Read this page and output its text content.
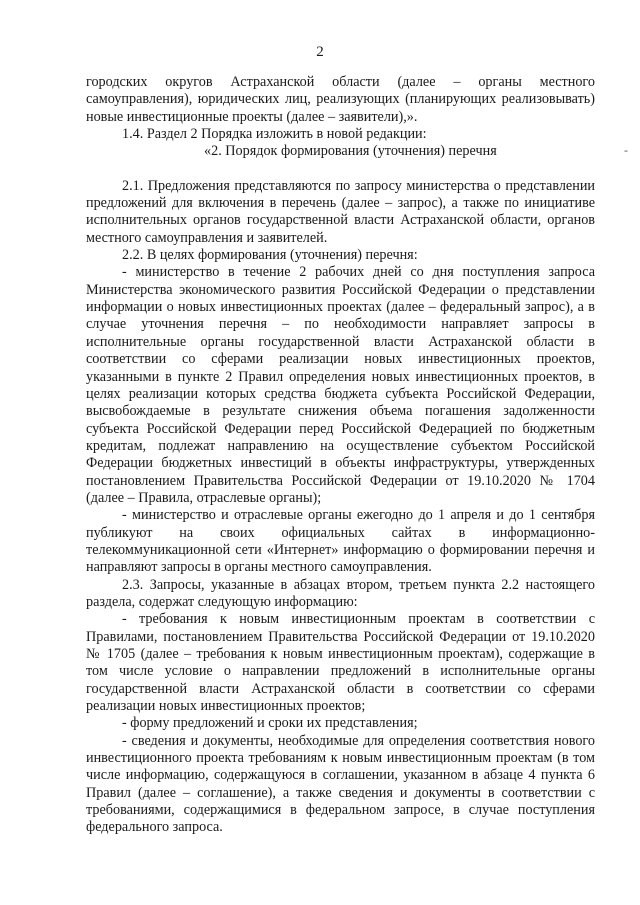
2
-

городских округов Астраханской области (далее – органы местного самоуправления), юридических лиц, реализующих (планирующих реализовывать) новые инвестиционные проекты (далее – заявители),».

1.4. Раздел 2 Порядка изложить в новой редакции:

«2. Порядок формирования (уточнения) перечня

2.1. Предложения представляются по запросу министерства о представлении предложений для включения в перечень (далее – запрос), а также по инициативе исполнительных органов государственной власти Астраханской области, органов местного самоуправления и заявителей.

2.2. В целях формирования (уточнения) перечня:

- министерство в течение 2 рабочих дней со дня поступления запроса Министерства экономического развития Российской Федерации о представлении информации о новых инвестиционных проектах (далее – федеральный запрос), а в случае уточнения перечня – по необходимости направляет запросы в исполнительные органы государственной власти Астраханской области в соответствии со сферами реализации новых инвестиционных проектов, указанными в пункте 2 Правил определения новых инвестиционных проектов, в целях реализации которых средства бюджета субъекта Российской Федерации, высвобождаемые в результате снижения объема погашения задолженности субъекта Российской Федерации перед Российской Федерацией по бюджетным кредитам, подлежат направлению на осуществление субъектом Российской Федерации бюджетных инвестиций в объекты инфраструктуры, утвержденных постановлением Правительства Российской Федерации от 19.10.2020 № 1704 (далее – Правила, отраслевые органы);

- министерство и отраслевые органы ежегодно до 1 апреля и до 1 сентября публикуют на своих официальных сайтах в информационно-телекоммуникационной сети «Интернет» информацию о формировании перечня и направляют запросы в органы местного самоуправления.

2.3. Запросы, указанные в абзацах втором, третьем пункта 2.2 настоящего раздела, содержат следующую информацию:

- требования к новым инвестиционным проектам в соответствии с Правилами, постановлением Правительства Российской Федерации от 19.10.2020 № 1705 (далее – требования к новым инвестиционным проектам), содержащие в том числе условие о направлении предложений в исполнительные органы государственной власти Астраханской области в соответствии со сферами реализации новых инвестиционных проектов;

- форму предложений и сроки их представления;

- сведения и документы, необходимые для определения соответствия нового инвестиционного проекта требованиям к новым инвестиционным проектам (в том числе информацию, содержащуюся в соглашении, указанном в абзаце 4 пункта 6 Правил (далее – соглашение), а также сведения и документы в соответствии с требованиями, содержащимися в федеральном запросе, в случае поступления федерального запроса.
